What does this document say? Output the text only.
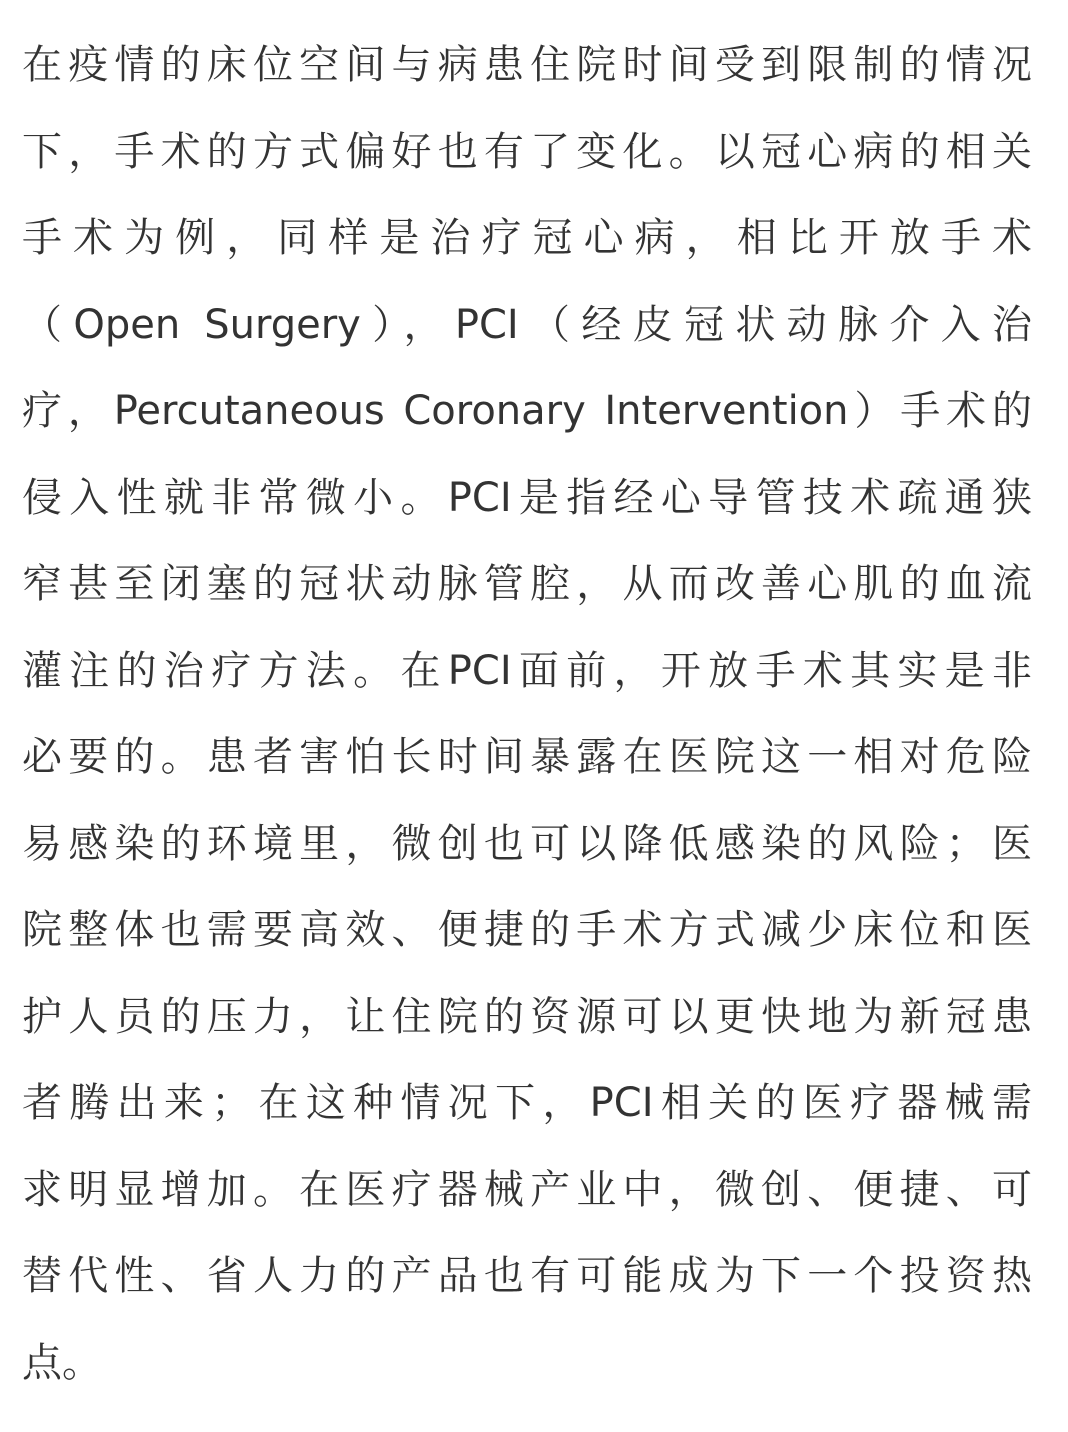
在疫情的床位空间与病患住院时间受到限制的情况
下，手术的方式偏好也有了变化。以冠心病的相关
手术为例，同样是治疗冠心病，相比开放手术
（Open Surgery），PCI（经皮冠状动脉介入治
疗，Percutaneous Coronary Intervention）手术的
侵入性就非常微小。PCI是指经心导管技术疏通狭
窄甚至闭塞的冠状动脉管腔，从而改善心肌的血流
灌注的治疗方法。在PCI面前，开放手术其实是非
必要的。患者害怕长时间暴露在医院这一相对危险
易感染的环境里，微创也可以降低感染的风险；医
院整体也需要高效、便捷的手术方式减少床位和医
护人员的压力，让住院的资源可以更快地为新冠患
者腾出来；在这种情况下，PCI相关的医疗器械需
求明显增加。在医疗器械产业中，微创、便捷、可
替代性、省人力的产品也有可能成为下一个投资热
点。
